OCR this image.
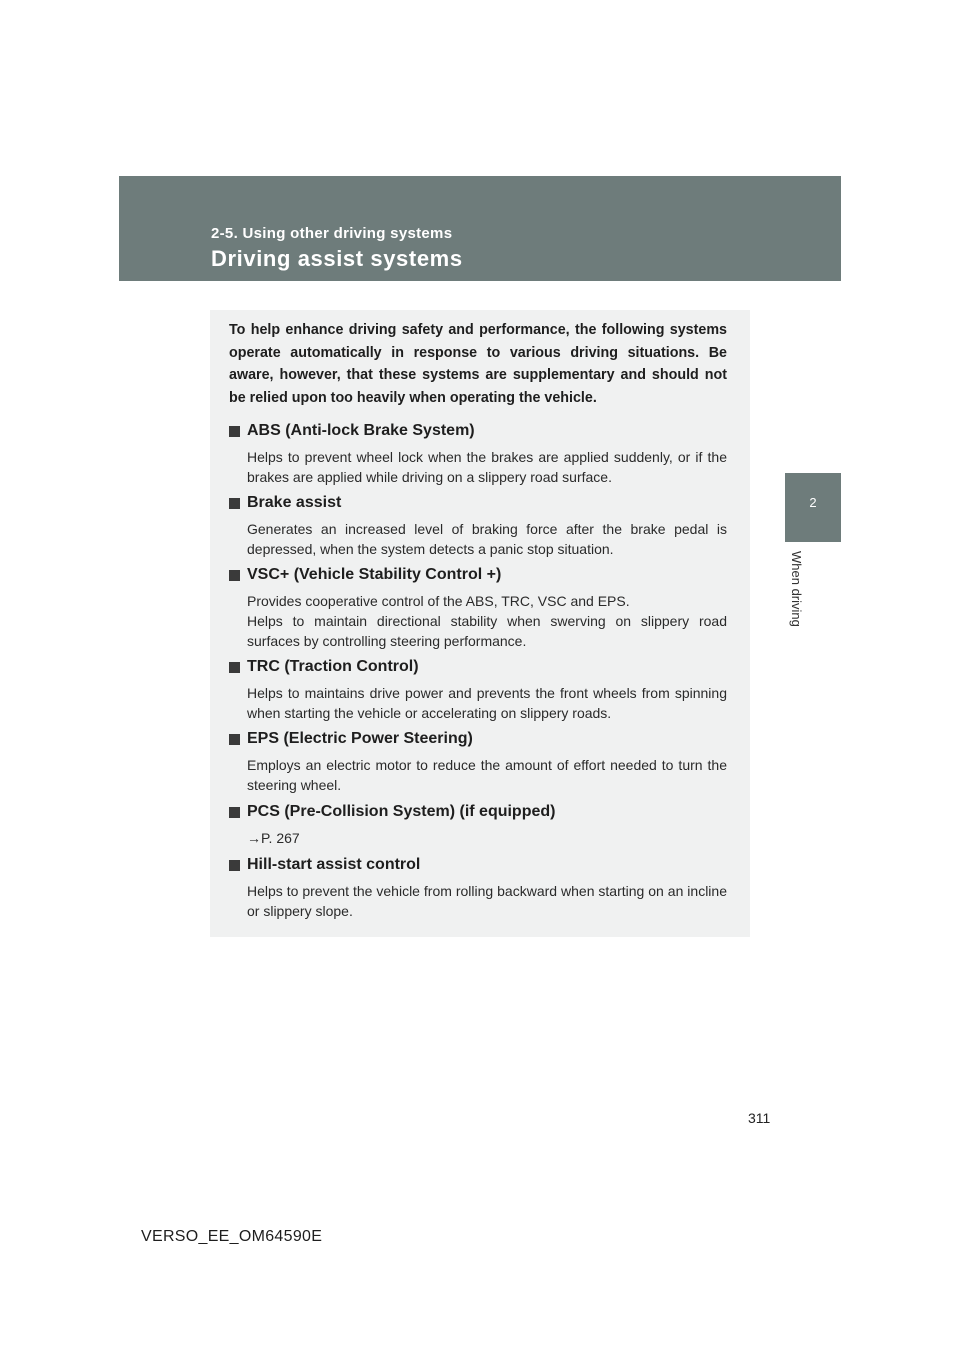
2-5. Using other driving systems
Driving assist systems
2
When driving
To help enhance driving safety and performance, the following systems operate automatically in response to various driving situations. Be aware, however, that these systems are supplementary and should not be relied upon too heavily when operating the vehicle.
ABS (Anti-lock Brake System)

Helps to prevent wheel lock when the brakes are applied suddenly, or if the brakes are applied while driving on a slippery road surface.

Brake assist

Generates an increased level of braking force after the brake pedal is depressed, when the system detects a panic stop situation.

VSC+ (Vehicle Stability Control +)

Provides cooperative control of the ABS, TRC, VSC and EPS.

Helps to maintain directional stability when swerving on slippery road surfaces by controlling steering performance.

TRC (Traction Control)

Helps to maintains drive power and prevents the front wheels from spinning when starting the vehicle or accelerating on slippery roads.

EPS (Electric Power Steering)

Employs an electric motor to reduce the amount of effort needed to turn the steering wheel.

PCS (Pre-Collision System) (if equipped)

→P. 267

Hill-start assist control

Helps to prevent the vehicle from rolling backward when starting on an incline or slippery slope.

311
VERSO_EE_OM64590E
